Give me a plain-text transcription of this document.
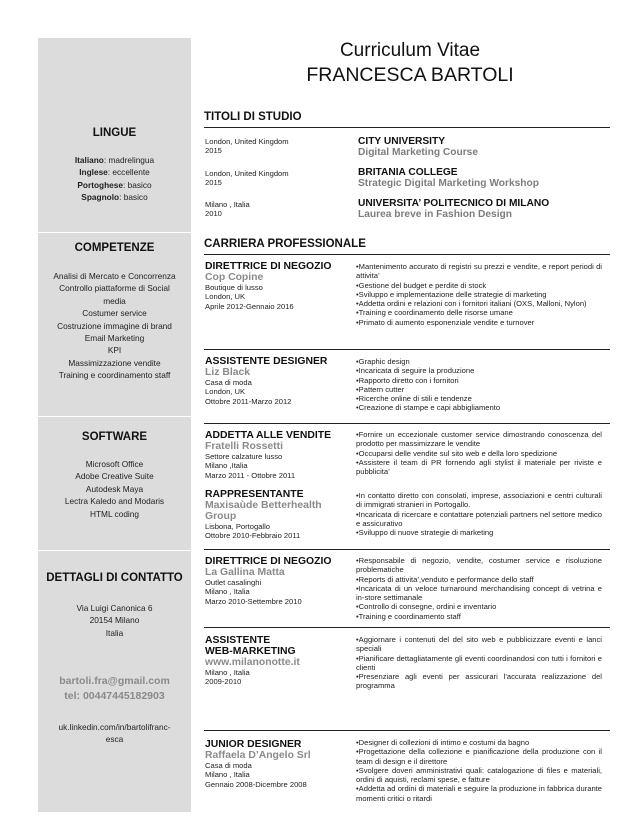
Curriculum Vitae
FRANCESCA BARTOLI
LINGUE
Italiano: madrelingua
Inglese: eccellente
Portoghese: basico
Spagnolo: basico
COMPETENZE
Analisi di Mercato e Concorrenza
Controllo piattaforme di Social
media
Costumer service
Costruzione immagine di brand
Email Marketing
KPI
Massimizzazione vendite
Training e coordinamento staff
SOFTWARE
Microsoft Office
Adobe Creative Suite
Autodesk Maya
Lectra Kaledo and Modaris
HTML coding
DETTAGLI DI CONTATTO
Via Luigi Canonica 6
20154 Milano
Italia
bartoli.fra@gmail.com
tel: 00447445182903
uk.linkedin.com/in/bartolifranc-
esca
TITOLI DI STUDIO
London, United Kingdom
2015
CITY UNIVERSITY
Digital Marketing Course
London, United Kingdom
2015
BRITANIA COLLEGE
Strategic Digital Marketing Workshop
Milano , Italia
2010
UNIVERSITA’ POLITECNICO DI MILANO
Laurea breve in Fashion Design
CARRIERA PROFESSIONALE
DIRETTRICE DI NEGOZIO
Cop Copine
Boutique di lusso
London, UK
Aprile 2012-Gennaio 2016
• Mantenimento accurato di registri su prezzi e vendite, e report periodi di attivita’
• Gestione del budget e perdite di stock
• Sviluppo e implementazione delle strategie di marketing
• Addetta ordini e relazioni con i fornitori italiani (OXS, Malloni, Nylon)
• Training e coordinamento delle risorse umane
• Primato di aumento esponenziale vendite e turnover
ASSISTENTE DESIGNER
Liz Black
Casa di moda
London, UK
Ottobre 2011-Marzo 2012
• Graphic design
• Incaricata di seguire la produzione
• Rapporto diretto con i fornitori
• Pattern cutter
• Ricerche online di stili e tendenze
• Creazione di stampe e capi abbigliamento
ADDETTA ALLE VENDITE
Fratelli Rossetti
Settore calzature lusso
Milano ,Italia
Marzo 2011 - Ottobre 2011
• Fornire un eccezionale customer service dimostrando conoscenza del prodotto per massimizzare le vendite
• Occuparsi delle vendite sul sito web e della loro spedizione
• Assistere il team di PR fornendo agli stylist il materiale per riviste e pubblicita’
RAPPRESENTANTE
Maxisaùde Betterhealth
Group
Lisbona, Portogallo
Ottobre 2010-Febbraio 2011
• In contatto diretto con consolati, imprese, associazioni e centri culturali di immigrati stranieri in Portogallo.
• Incaricata di ricercare e contattare potenziali partners nel settore medico e assicurativo
• Sviluppo di nuove strategie di marketing
DIRETTRICE DI NEGOZIO
La Gallina Matta
Outlet casalinghi
Milano , Italia
Marzo 2010-Settembre 2010
• Responsabile di negozio, vendite, costumer service e risoluzione problematiche
• Reports di attivita’,venduto e performance dello staff
• Incaricata di un veloce turnaround merchandising concept di vetrina e in-store settimanale
• Controllo di consegne, ordini e inventario
• Training e coordinamento staff
ASSISTENTE
WEB-MARKETING
www.milanonotte.it
Milano , Italia
2009-2010
• Aggiornare i contenuti del del sito web e pubblicizzare eventi e lanci speciali
• Pianificare dettagliatamente gli eventi coordinandosi con tutti i fornitori e clienti
• Presenziare agli eventi per assicurari l’accurata realizzazione del programma
JUNIOR DESIGNER
Raffaela D’Angelo Srl
Casa di moda
Milano , Italia
Gennaio 2008-Dicembre 2008
• Designer di collezioni di intimo e costumi da bagno
• Progettazione della collezione e pianificazione della produzione con il team di design e il direttore
• Svolgere doveri amministrativi quali: catalogazione di files e materiali, ordini di aquisti, reclami spese, e fatture
• Addetta ad ordini di materiali e seguire la produzione in fabbrica durante momenti critici o ritardi
